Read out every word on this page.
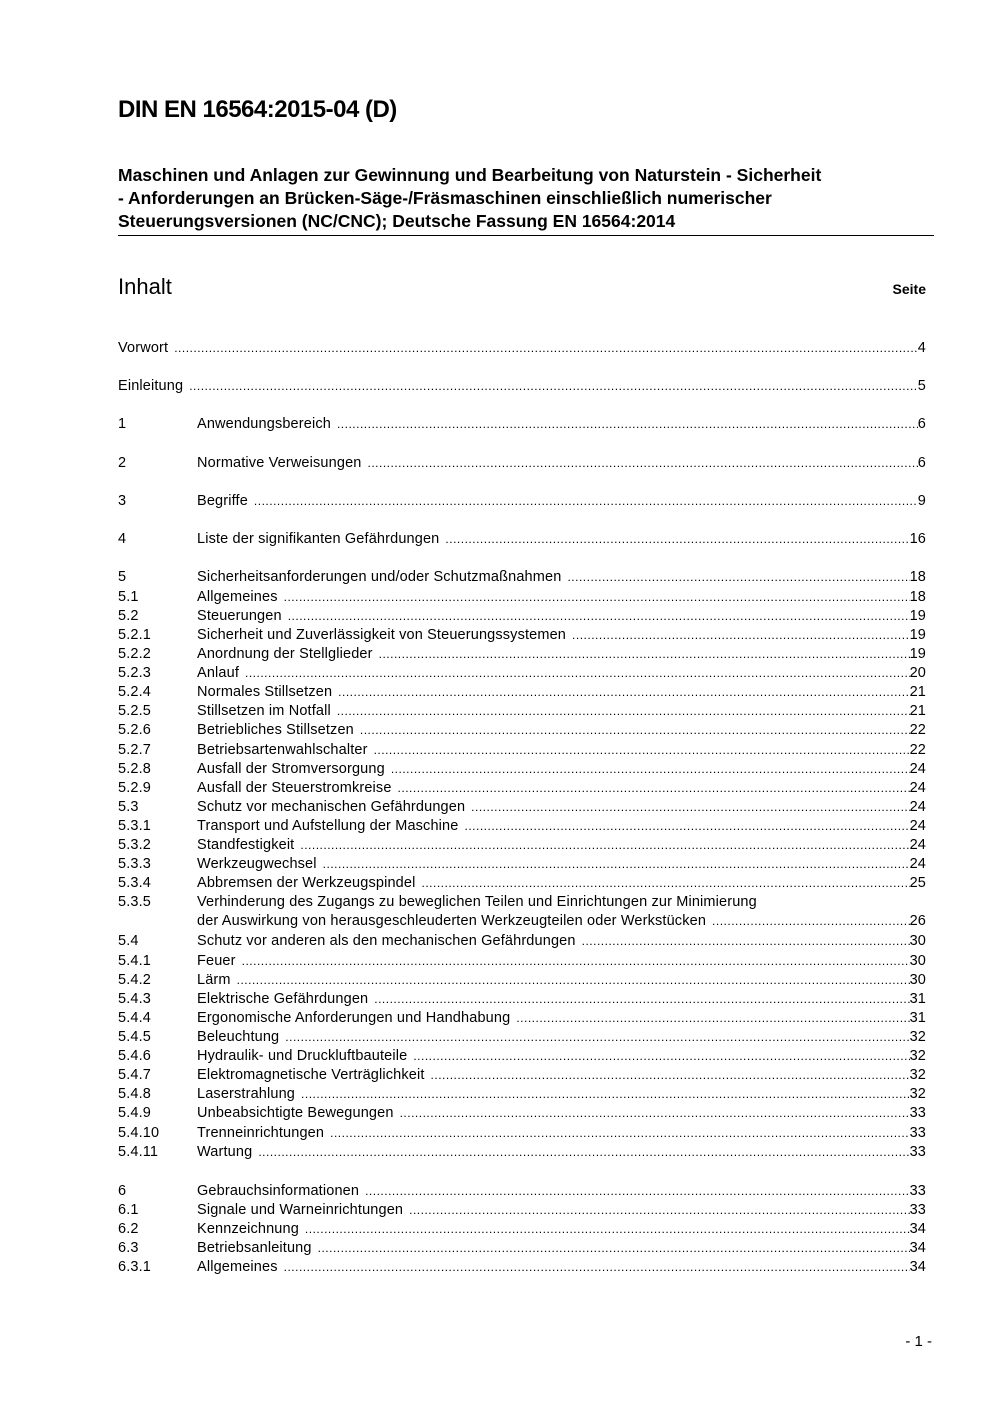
DIN EN 16564:2015-04 (D)
Maschinen und Anlagen zur Gewinnung und Bearbeitung von Naturstein - Sicherheit
- Anforderungen an Brücken-Säge-/Fräsmaschinen einschließlich numerischer
Steuerungsversionen (NC/CNC); Deutsche Fassung EN 16564:2014
Inhalt	Seite
Vorwort .....	4
Einleitung .....	5
1	Anwendungsbereich .....	6
2	Normative Verweisungen .....	6
3	Begriffe .....	9
4	Liste der signifikanten Gefährdungen .....	16
5	Sicherheitsanforderungen und/oder Schutzmaßnahmen .....	18
5.1	Allgemeines .....	18
5.2	Steuerungen .....	19
5.2.1	Sicherheit und Zuverlässigkeit von Steuerungssystemen .....	19
5.2.2	Anordnung der Stellglieder .....	19
5.2.3	Anlauf .....	20
5.2.4	Normales Stillsetzen .....	21
5.2.5	Stillsetzen im Notfall .....	21
5.2.6	Betriebliches Stillsetzen .....	22
5.2.7	Betriebsartenwahlschalter .....	22
5.2.8	Ausfall der Stromversorgung .....	24
5.2.9	Ausfall der Steuerstromkreise .....	24
5.3	Schutz vor mechanischen Gefährdungen .....	24
5.3.1	Transport und Aufstellung der Maschine .....	24
5.3.2	Standfestigkeit .....	24
5.3.3	Werkzeugwechsel .....	24
5.3.4	Abbremsen der Werkzeugspindel .....	25
5.3.5	Verhinderung des Zugangs zu beweglichen Teilen und Einrichtungen zur Minimierung
der Auswirkung von herausgeschleuderten Werkzeugteilen oder Werkstücken .....	26
5.4	Schutz vor anderen als den mechanischen Gefährdungen .....	30
5.4.1	Feuer .....	30
5.4.2	Lärm .....	30
5.4.3	Elektrische Gefährdungen .....	31
5.4.4	Ergonomische Anforderungen und Handhabung .....	31
5.4.5	Beleuchtung .....	32
5.4.6	Hydraulik- und Druckluftbauteile .....	32
5.4.7	Elektromagnetische Verträglichkeit .....	32
5.4.8	Laserstrahlung .....	32
5.4.9	Unbeabsichtigte Bewegungen .....	33
5.4.10	Trenneinrichtungen .....	33
5.4.11	Wartung .....	33
6	Gebrauchsinformationen .....	33
6.1	Signale und Warneinrichtungen .....	33
6.2	Kennzeichnung .....	34
6.3	Betriebsanleitung .....	34
6.3.1	Allgemeines .....	34
- 1 -
